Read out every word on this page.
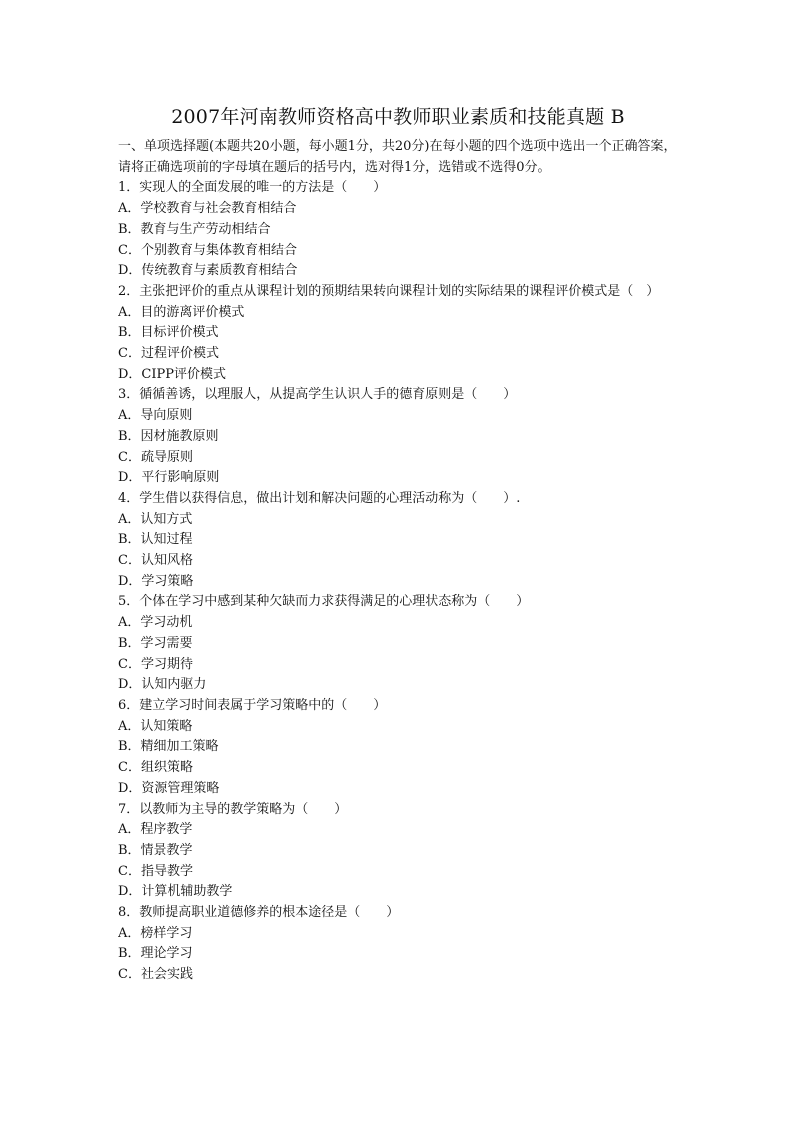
2007年河南教师资格高中教师职业素质和技能真题 B

一、单项选择题(本题共20小题，每小题1分，共20分)在每小题的四个选项中选出一个正确答案，请将正确选项前的字母填在题后的括号内，选对得1分，选错或不选得0分。

1．实现人的全面发展的唯一的方法是（　　）

A．学校教育与社会教育相结合

B．教育与生产劳动相结合

C．个别教育与集体教育相结合

D．传统教育与素质教育相结合

2．主张把评价的重点从课程计划的预期结果转向课程计划的实际结果的课程评价模式是（　）

A．目的游离评价模式

B．目标评价模式

C．过程评价模式

D．CIPP评价模式

3．循循善诱，以理服人，从提高学生认识人手的德育原则是（　　）

A．导向原则

B．因材施教原则

C．疏导原则

D．平行影响原则

4．学生借以获得信息，做出计划和解决问题的心理活动称为（　　）.

A．认知方式

B．认知过程

C．认知风格

D．学习策略

5．个体在学习中感到某种欠缺而力求获得满足的心理状态称为（　　）

A．学习动机

B．学习需要

C．学习期待

D．认知内驱力

6．建立学习时间表属于学习策略中的（　　）

A．认知策略

B．精细加工策略

C．组织策略

D．资源管理策略

7．以教师为主导的教学策略为（　　）

A．程序教学

B．情景教学

C．指导教学

D．计算机辅助教学

8．教师提高职业道德修养的根本途径是（　　）

A．榜样学习

B．理论学习

C．社会实践
